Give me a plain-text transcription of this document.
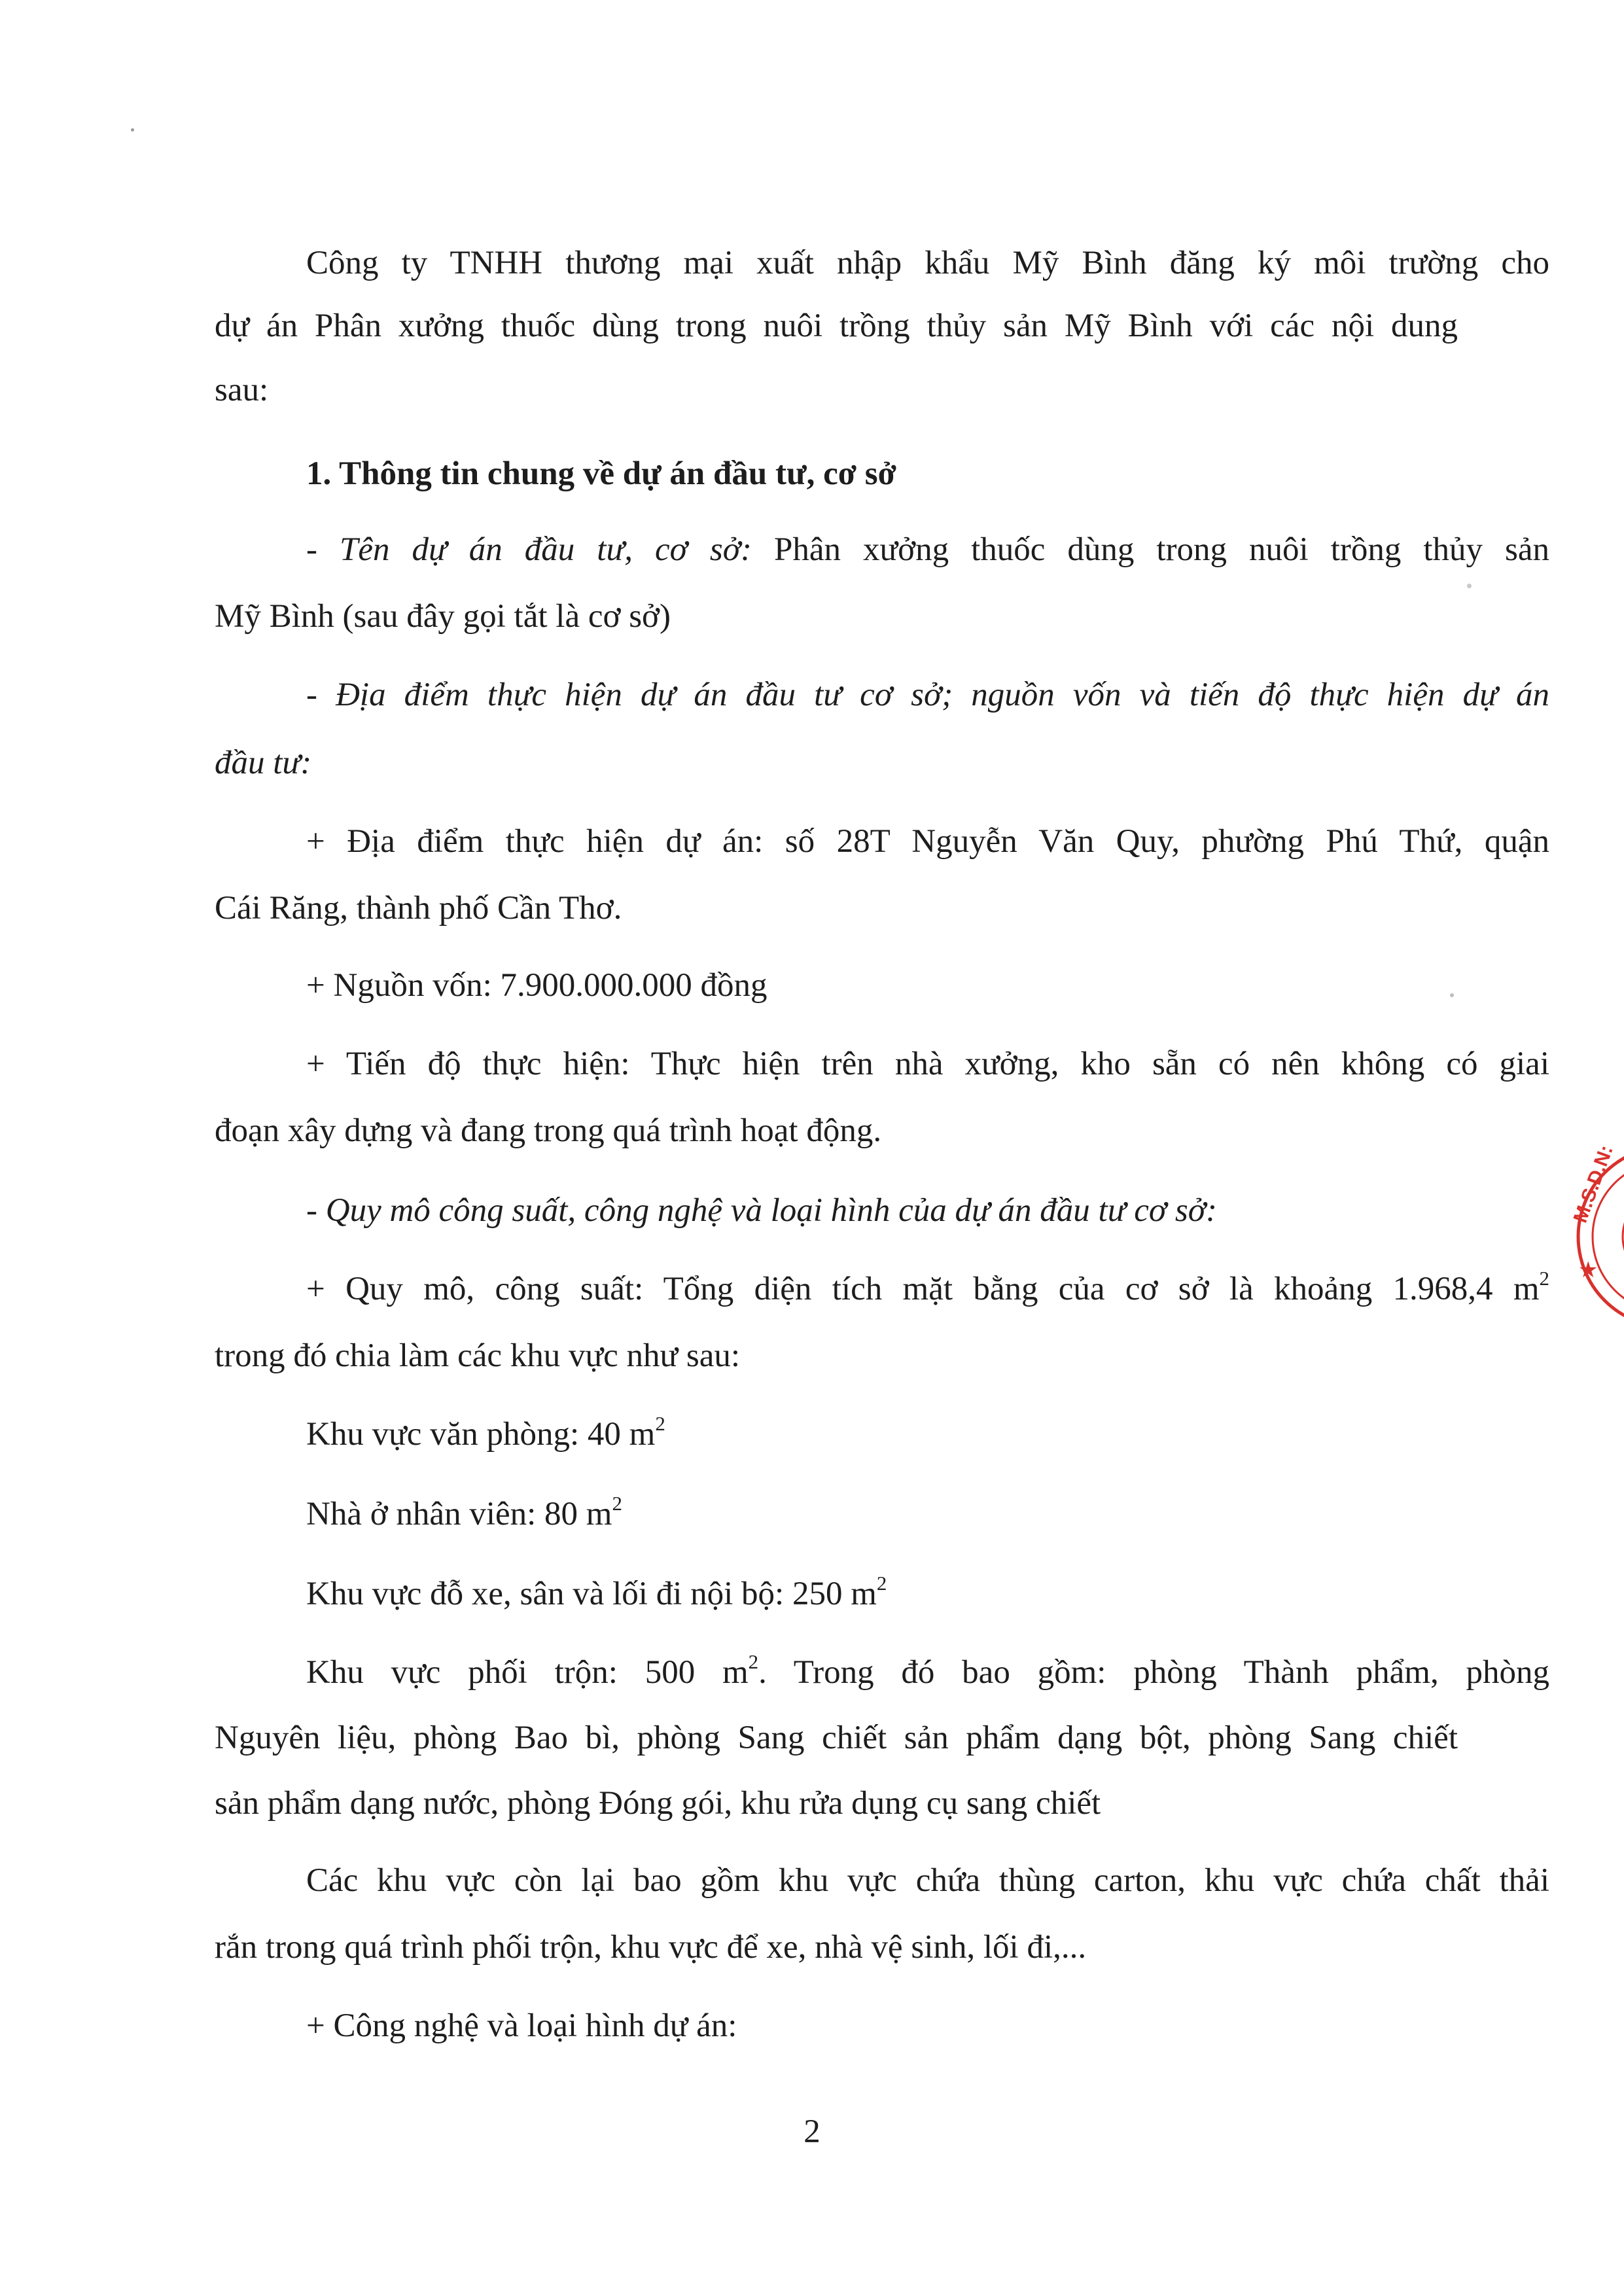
Công ty TNHH thương mại xuất nhập khẩu Mỹ Bình đăng ký môi trường cho
dự án Phân xưởng thuốc dùng trong nuôi trồng thủy sản Mỹ Bình với các nội dung
sau:
1. Thông tin chung về dự án đầu tư, cơ sở
- Tên dự án đầu tư, cơ sở: Phân xưởng thuốc dùng trong nuôi trồng thủy sản
Mỹ Bình (sau đây gọi tắt là cơ sở)
- Địa điểm thực hiện dự án đầu tư cơ sở; nguồn vốn và tiến độ thực hiện dự án
đầu tư:
+ Địa điểm thực hiện dự án: số 28T Nguyễn Văn Quy, phường Phú Thứ, quận
Cái Răng, thành phố Cần Thơ.
+ Nguồn vốn: 7.900.000.000 đồng
+ Tiến độ thực hiện: Thực hiện trên nhà xưởng, kho sẵn có nên không có giai
đoạn xây dựng và đang trong quá trình hoạt động.
- Quy mô công suất, công nghệ và loại hình của dự án đầu tư cơ sở:
+ Quy mô, công suất: Tổng diện tích mặt bằng của cơ sở là khoảng 1.968,4 $m^2$
trong đó chia làm các khu vực như sau:
Khu vực văn phòng: 40 $m^2$
Nhà ở nhân viên: 80 $m^2$
Khu vực đỗ xe, sân và lối đi nội bộ: 250 $m^2$
Khu vực phối trộn: 500 $m^2$. Trong đó bao gồm: phòng Thành phẩm, phòng
Nguyên liệu, phòng Bao bì, phòng Sang chiết sản phẩm dạng bột, phòng Sang chiết
sản phẩm dạng nước, phòng Đóng gói, khu rửa dụng cụ sang chiết
Các khu vực còn lại bao gồm khu vực chứa thùng carton, khu vực chứa chất thải
rắn trong quá trình phối trộn, khu vực để xe, nhà vệ sinh, lối đi,...
+ Công nghệ và loại hình dự án:
2
M.S.D.N:
★
